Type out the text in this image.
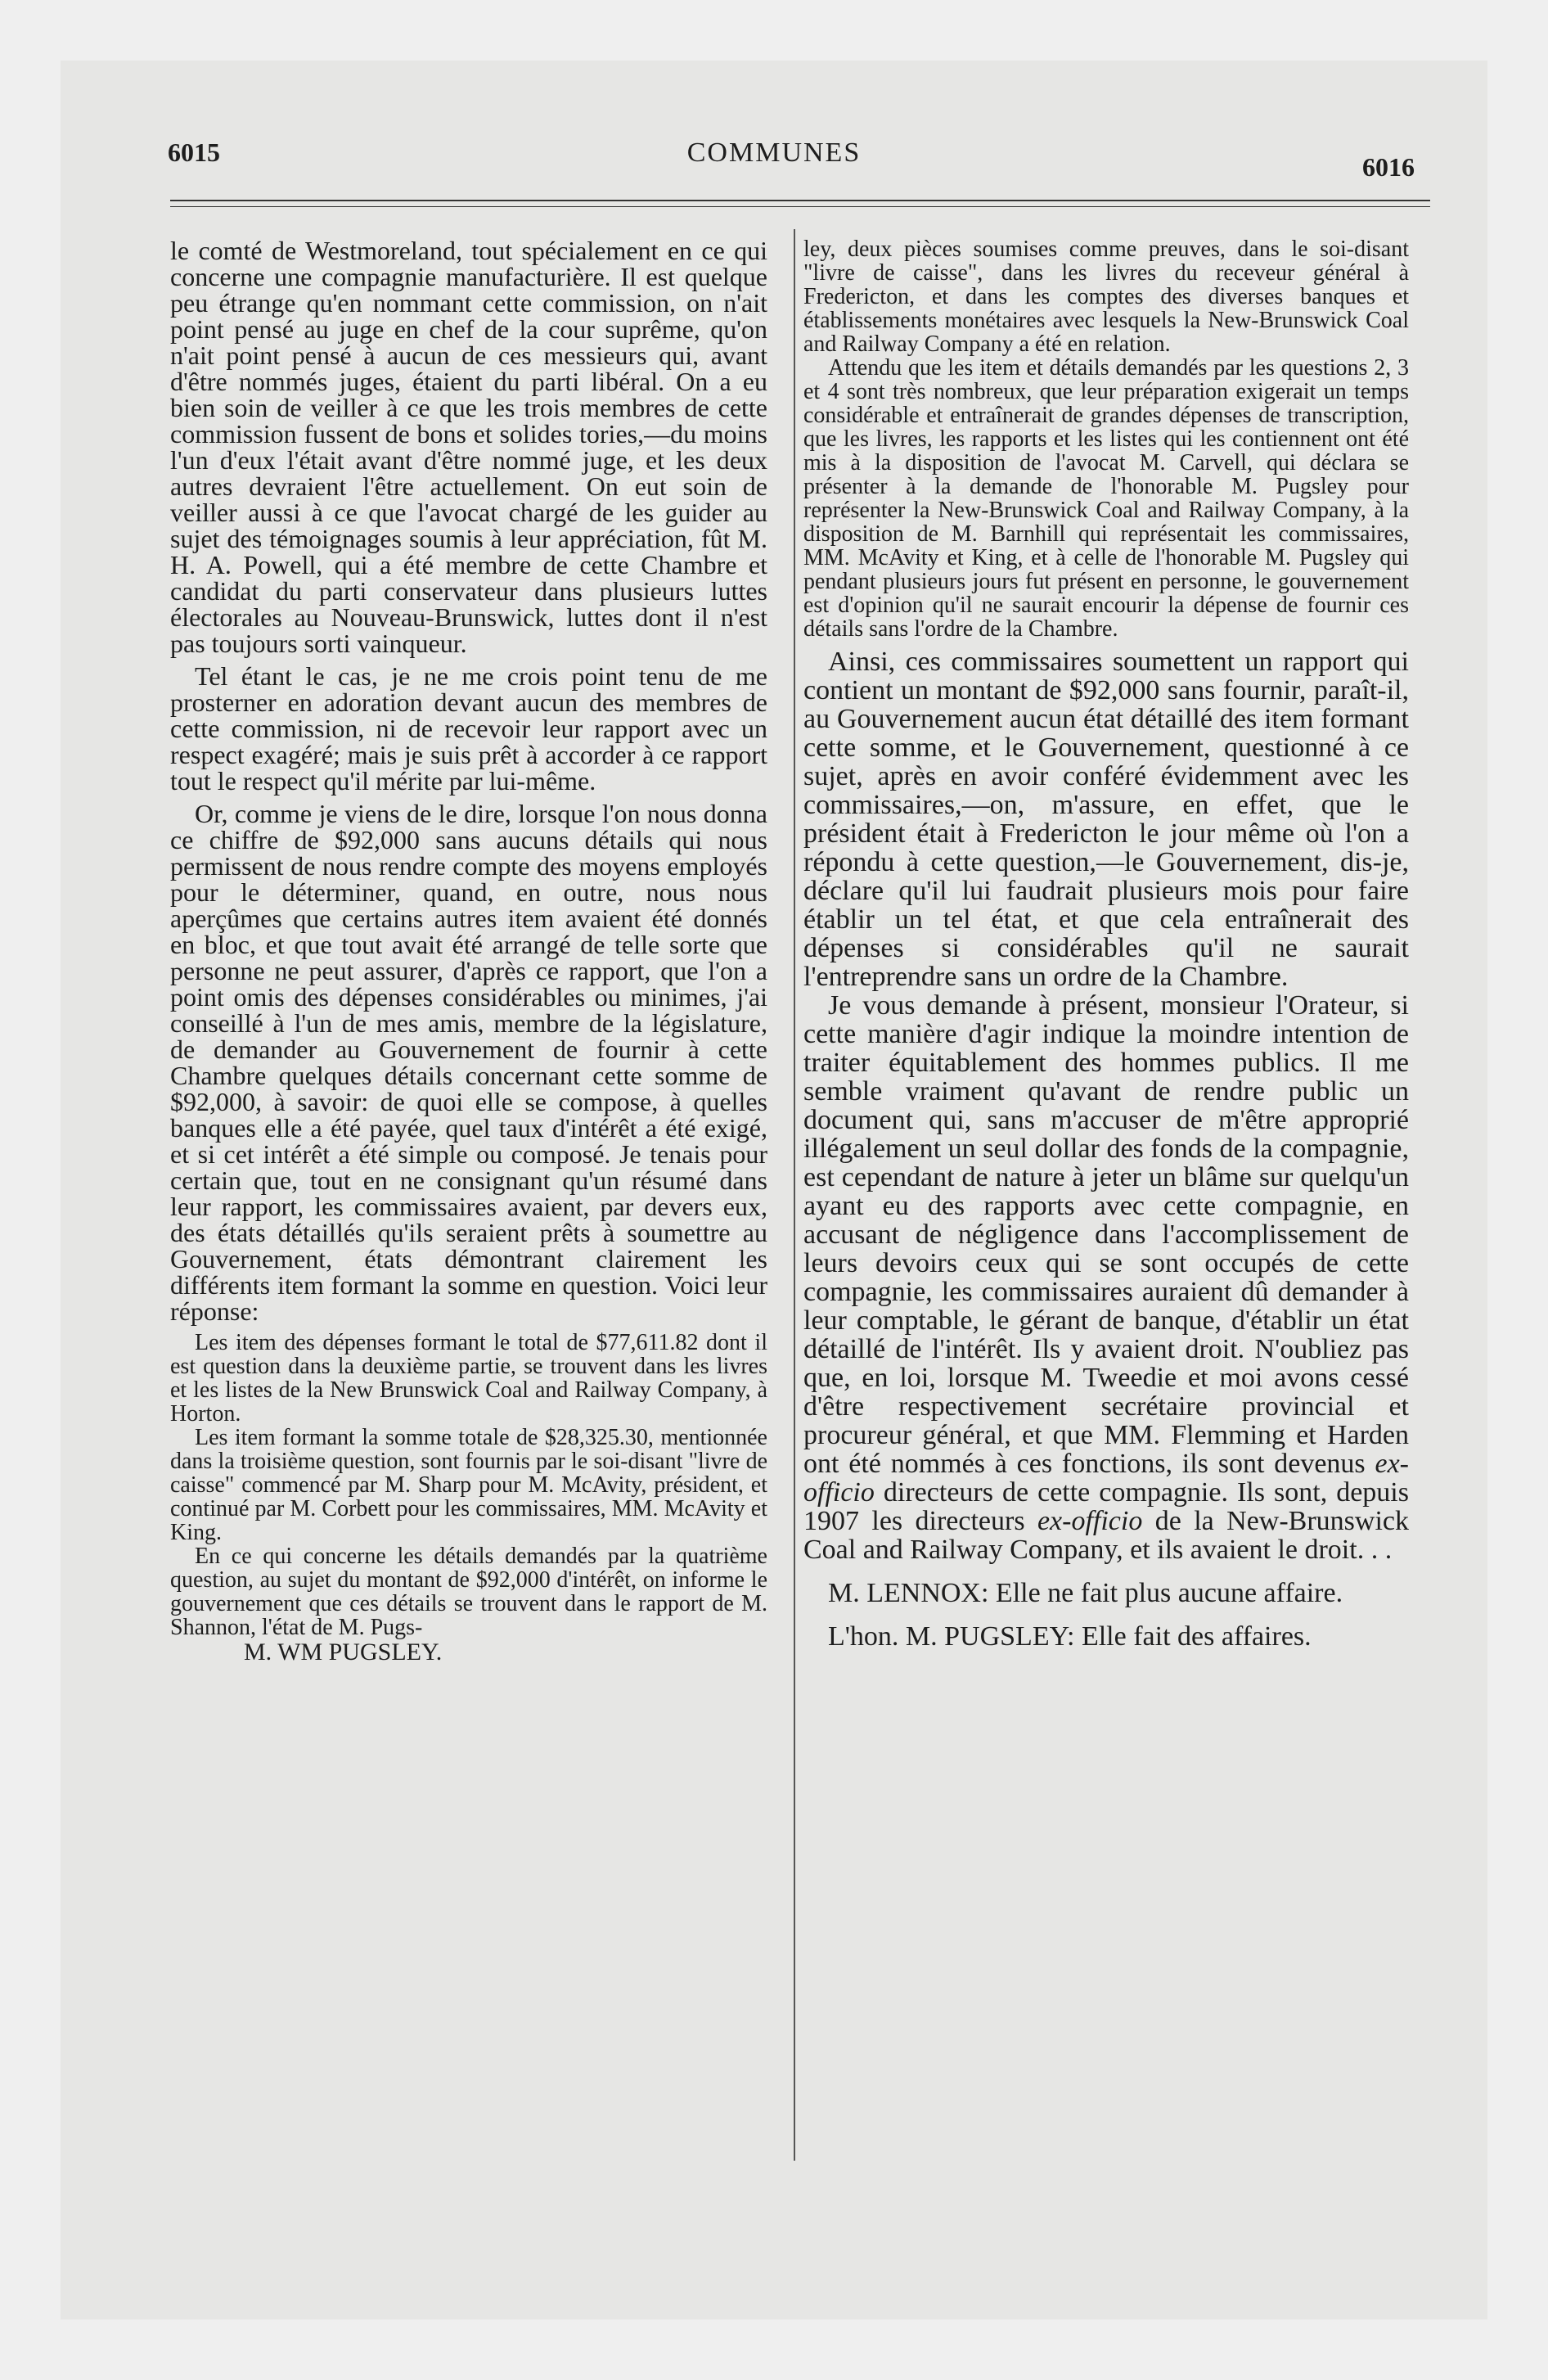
6015	COMMUNES	6016

le comté de Westmoreland, tout spécialement en ce qui concerne une compagnie manufacturière. Il est quelque peu étrange qu'en nommant cette commission, on n'ait point pensé au juge en chef de la cour suprême, qu'on n'ait point pensé à aucun de ces messieurs qui, avant d'être nommés juges, étaient du parti libéral. On a eu bien soin de veiller à ce que les trois membres de cette commission fussent de bons et solides tories,—du moins l'un d'eux l'était avant d'être nommé juge, et les deux autres devraient l'être actuellement. On eut soin de veiller aussi à ce que l'avocat chargé de les guider au sujet des témoignages soumis à leur appréciation, fût M. H. A. Powell, qui a été membre de cette Chambre et candidat du parti conservateur dans plusieurs luttes électorales au Nouveau-Brunswick, luttes dont il n'est pas toujours sorti vainqueur.

Tel étant le cas, je ne me crois point tenu de me prosterner en adoration devant aucun des membres de cette commission, ni de recevoir leur rapport avec un respect exagéré; mais je suis prêt à accorder à ce rapport tout le respect qu'il mérite par lui-même.

Or, comme je viens de le dire, lorsque l'on nous donna ce chiffre de $92,000 sans aucuns détails qui nous permissent de nous rendre compte des moyens employés pour le déterminer, quand, en outre, nous nous aperçûmes que certains autres item avaient été donnés en bloc, et que tout avait été arrangé de telle sorte que personne ne peut assurer, d'après ce rapport, que l'on a point omis des dépenses considérables ou minimes, j'ai conseillé à l'un de mes amis, membre de la législature, de demander au Gouvernement de fournir à cette Chambre quelques détails concernant cette somme de $92,000, à savoir: de quoi elle se compose, à quelles banques elle a été payée, quel taux d'intérêt a été exigé, et si cet intérêt a été simple ou composé. Je tenais pour certain que, tout en ne consignant qu'un résumé dans leur rapport, les commissaires avaient, par devers eux, des états détaillés qu'ils seraient prêts à soumettre au Gouvernement, états démontrant clairement les différents item formant la somme en question. Voici leur réponse:

Les item des dépenses formant le total de $77,611.82 dont il est question dans la deuxième partie, se trouvent dans les livres et les listes de la New Brunswick Coal and Railway Company, à Horton.

Les item formant la somme totale de $28,325.30, mentionnée dans la troisième question, sont fournis par le soi-disant "livre de caisse" commencé par M. Sharp pour M. McAvity, président, et continué par M. Corbett pour les commissaires, MM. McAvity et King.

En ce qui concerne les détails demandés par la quatrième question, au sujet du montant de $92,000 d'intérêt, on informe le gouvernement que ces détails se trouvent dans le rapport de M. Shannon, l'état de M. Pugs-

M. WM PUGSLEY.

ley, deux pièces soumises comme preuves, dans le soi-disant "livre de caisse", dans les livres du receveur général à Fredericton, et dans les comptes des diverses banques et établissements monétaires avec lesquels la New-Brunswick Coal and Railway Company a été en relation.

Attendu que les item et détails demandés par les questions 2, 3 et 4 sont très nombreux, que leur préparation exigerait un temps considérable et entraînerait de grandes dépenses de transcription, que les livres, les rapports et les listes qui les contiennent ont été mis à la disposition de l'avocat M. Carvell, qui déclara se présenter à la demande de l'honorable M. Pugsley pour représenter la New-Brunswick Coal and Railway Company, à la disposition de M. Barnhill qui représentait les commissaires, MM. McAvity et King, et à celle de l'honorable M. Pugsley qui pendant plusieurs jours fut présent en personne, le gouvernement est d'opinion qu'il ne saurait encourir la dépense de fournir ces détails sans l'ordre de la Chambre.

Ainsi, ces commissaires soumettent un rapport qui contient un montant de $92,000 sans fournir, paraît-il, au Gouvernement aucun état détaillé des item formant cette somme, et le Gouvernement, questionné à ce sujet, après en avoir conféré évidemment avec les commissaires,—on, m'assure, en effet, que le président était à Fredericton le jour même où l'on a répondu à cette question,—le Gouvernement, dis-je, déclare qu'il lui faudrait plusieurs mois pour faire établir un tel état, et que cela entraînerait des dépenses si considérables qu'il ne saurait l'entreprendre sans un ordre de la Chambre.

Je vous demande à présent, monsieur l'Orateur, si cette manière d'agir indique la moindre intention de traiter équitablement des hommes publics. Il me semble vraiment qu'avant de rendre public un document qui, sans m'accuser de m'être approprié illégalement un seul dollar des fonds de la compagnie, est cependant de nature à jeter un blâme sur quelqu'un ayant eu des rapports avec cette compagnie, en accusant de négligence dans l'accomplissement de leurs devoirs ceux qui se sont occupés de cette compagnie, les commissaires auraient dû demander à leur comptable, le gérant de banque, d'établir un état détaillé de l'intérêt. Ils y avaient droit. N'oubliez pas que, en loi, lorsque M. Tweedie et moi avons cessé d'être respectivement secrétaire provincial et procureur général, et que MM. Flemming et Harden ont été nommés à ces fonctions, ils sont devenus ex-officio directeurs de cette compagnie. Ils sont, depuis 1907 les directeurs ex-officio de la New-Brunswick Coal and Railway Company, et ils avaient le droit. . .

M. LENNOX: Elle ne fait plus aucune affaire.

L'hon. M. PUGSLEY: Elle fait des affaires.
